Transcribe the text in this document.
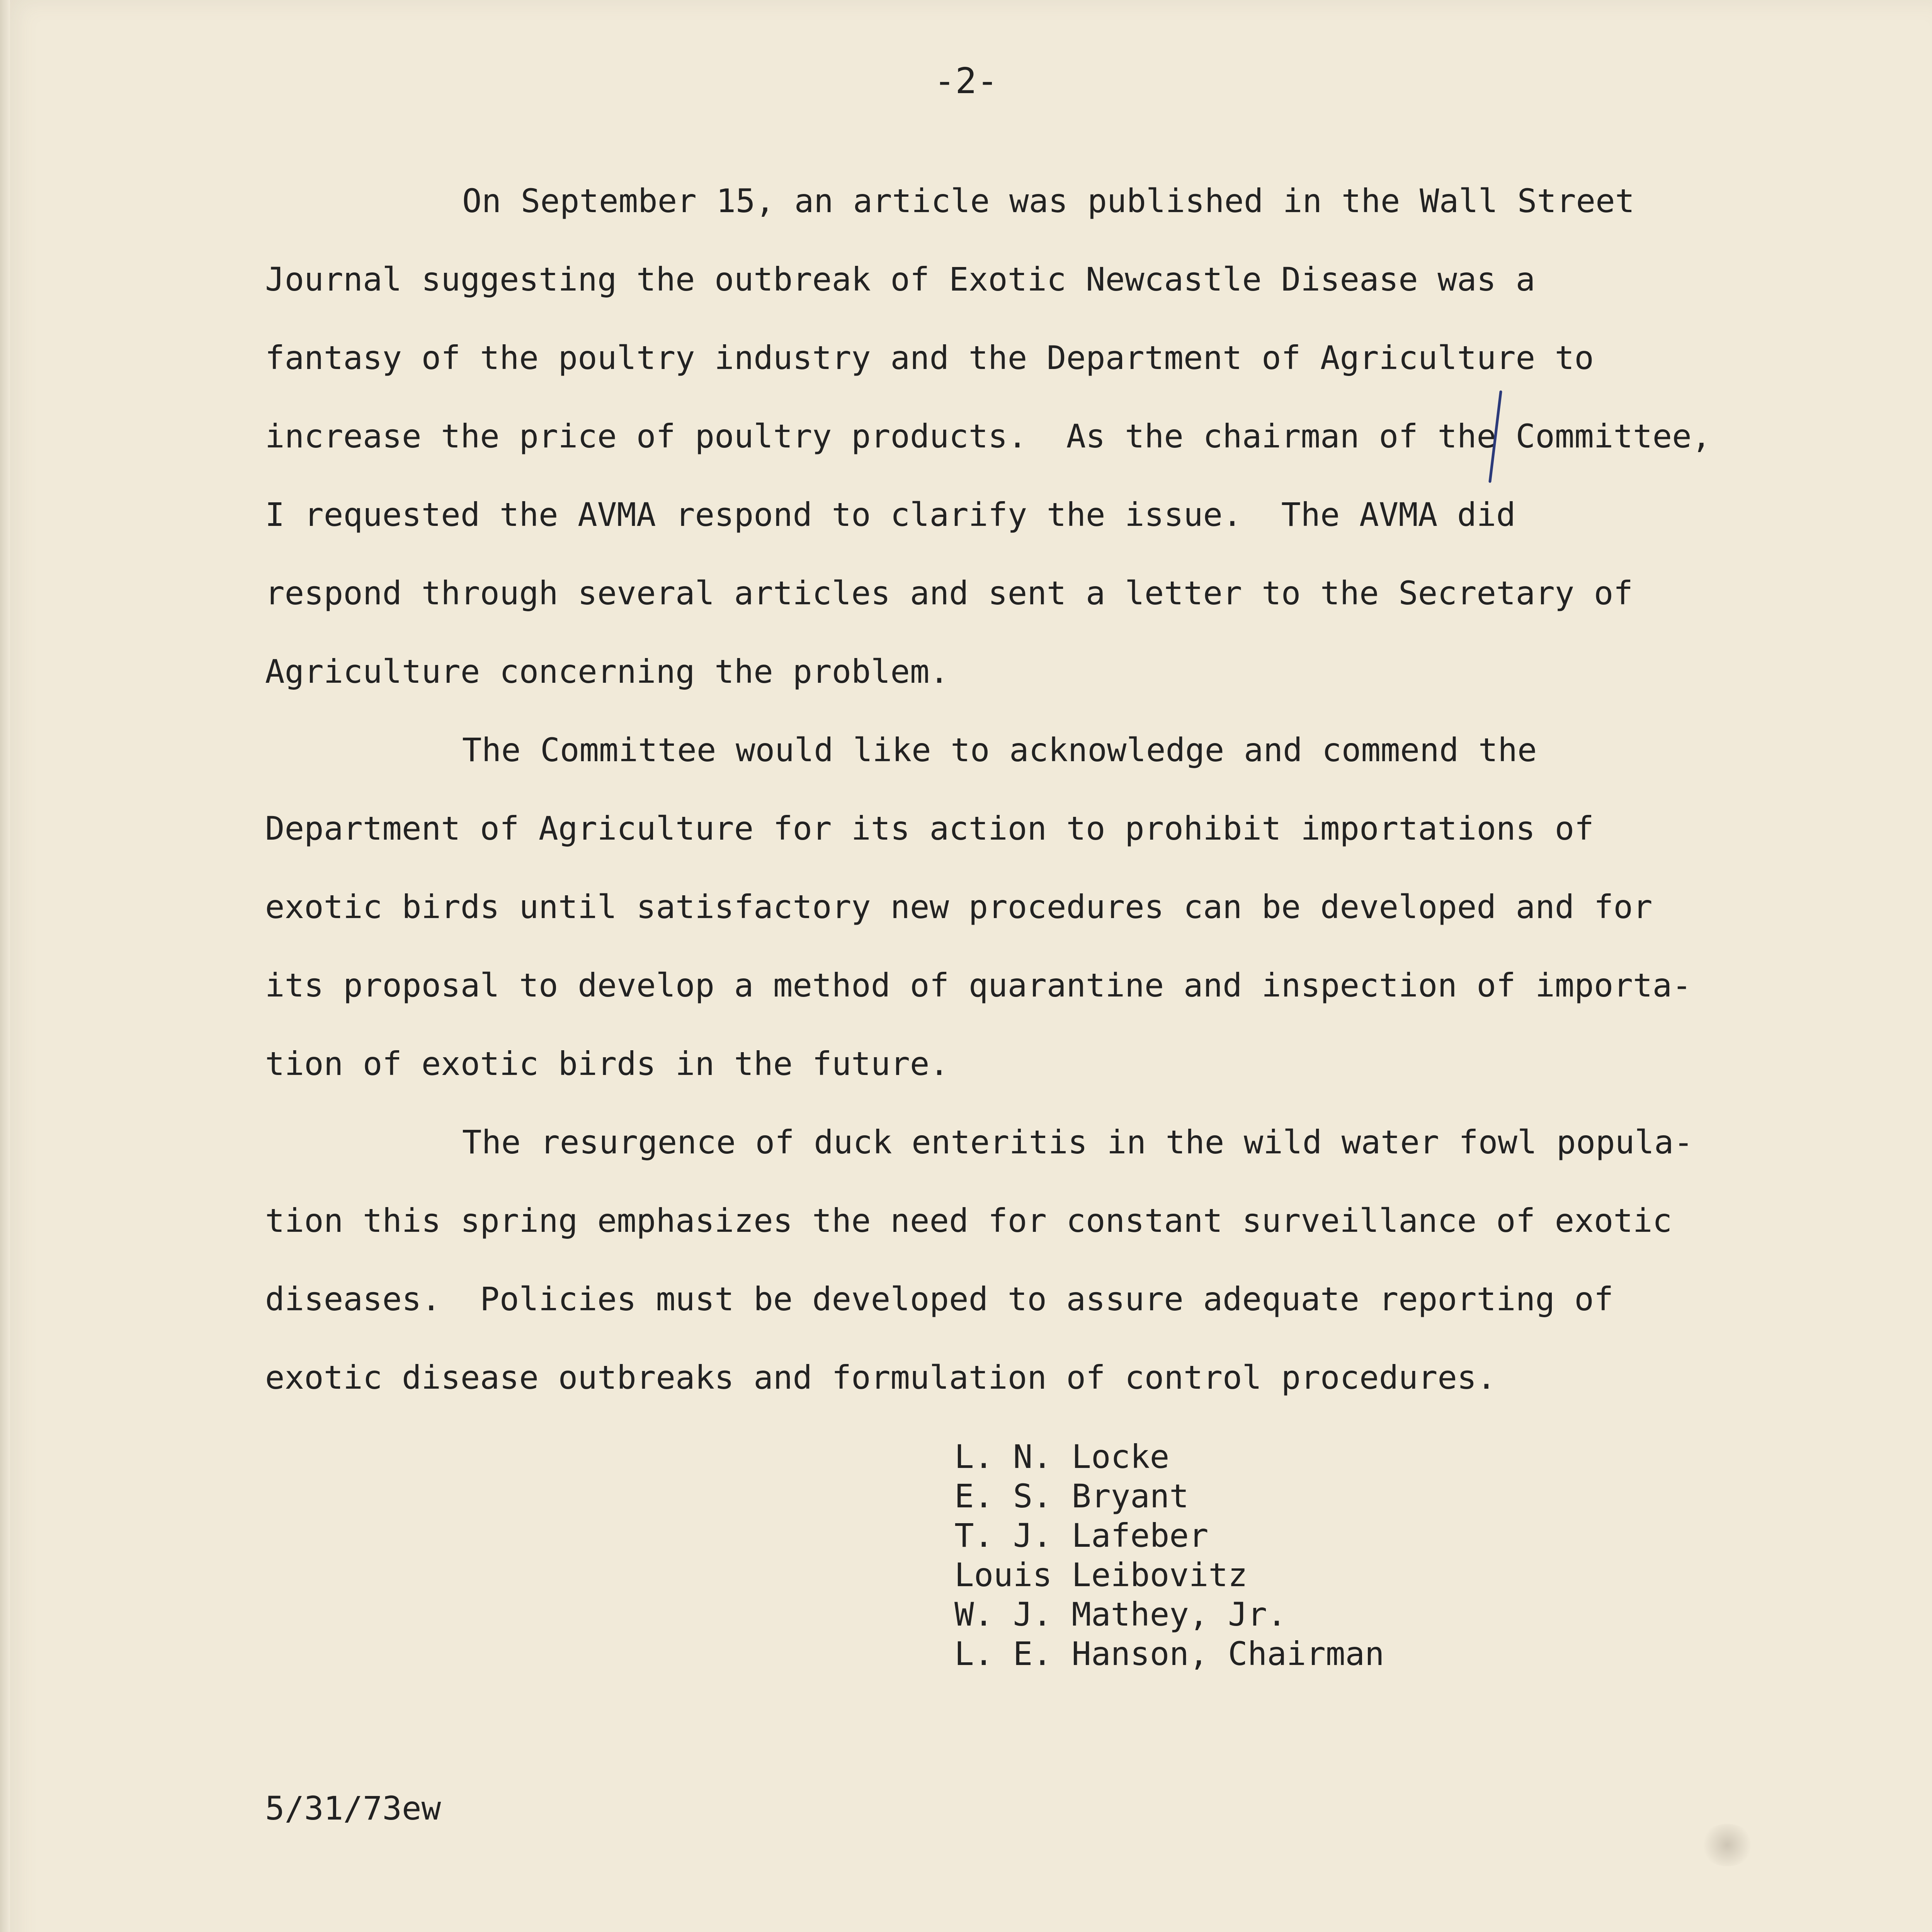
-2-
On September 15, an article was published in the Wall Street
Journal suggesting the outbreak of Exotic Newcastle Disease was a
fantasy of the poultry industry and the Department of Agriculture to
increase the price of poultry products.  As the chairman of the Committee,
I requested the AVMA respond to clarify the issue.  The AVMA did
respond through several articles and sent a letter to the Secretary of
Agriculture concerning the problem.
The Committee would like to acknowledge and commend the
Department of Agriculture for its action to prohibit importations of
exotic birds until satisfactory new procedures can be developed and for
its proposal to develop a method of quarantine and inspection of importa-
tion of exotic birds in the future.
The resurgence of duck enteritis in the wild water fowl popula-
tion this spring emphasizes the need for constant surveillance of exotic
diseases.  Policies must be developed to assure adequate reporting of
exotic disease outbreaks and formulation of control procedures.
L. N. Locke
E. S. Bryant
T. J. Lafeber
Louis Leibovitz
W. J. Mathey, Jr.
L. E. Hanson, Chairman
5/31/73ew
